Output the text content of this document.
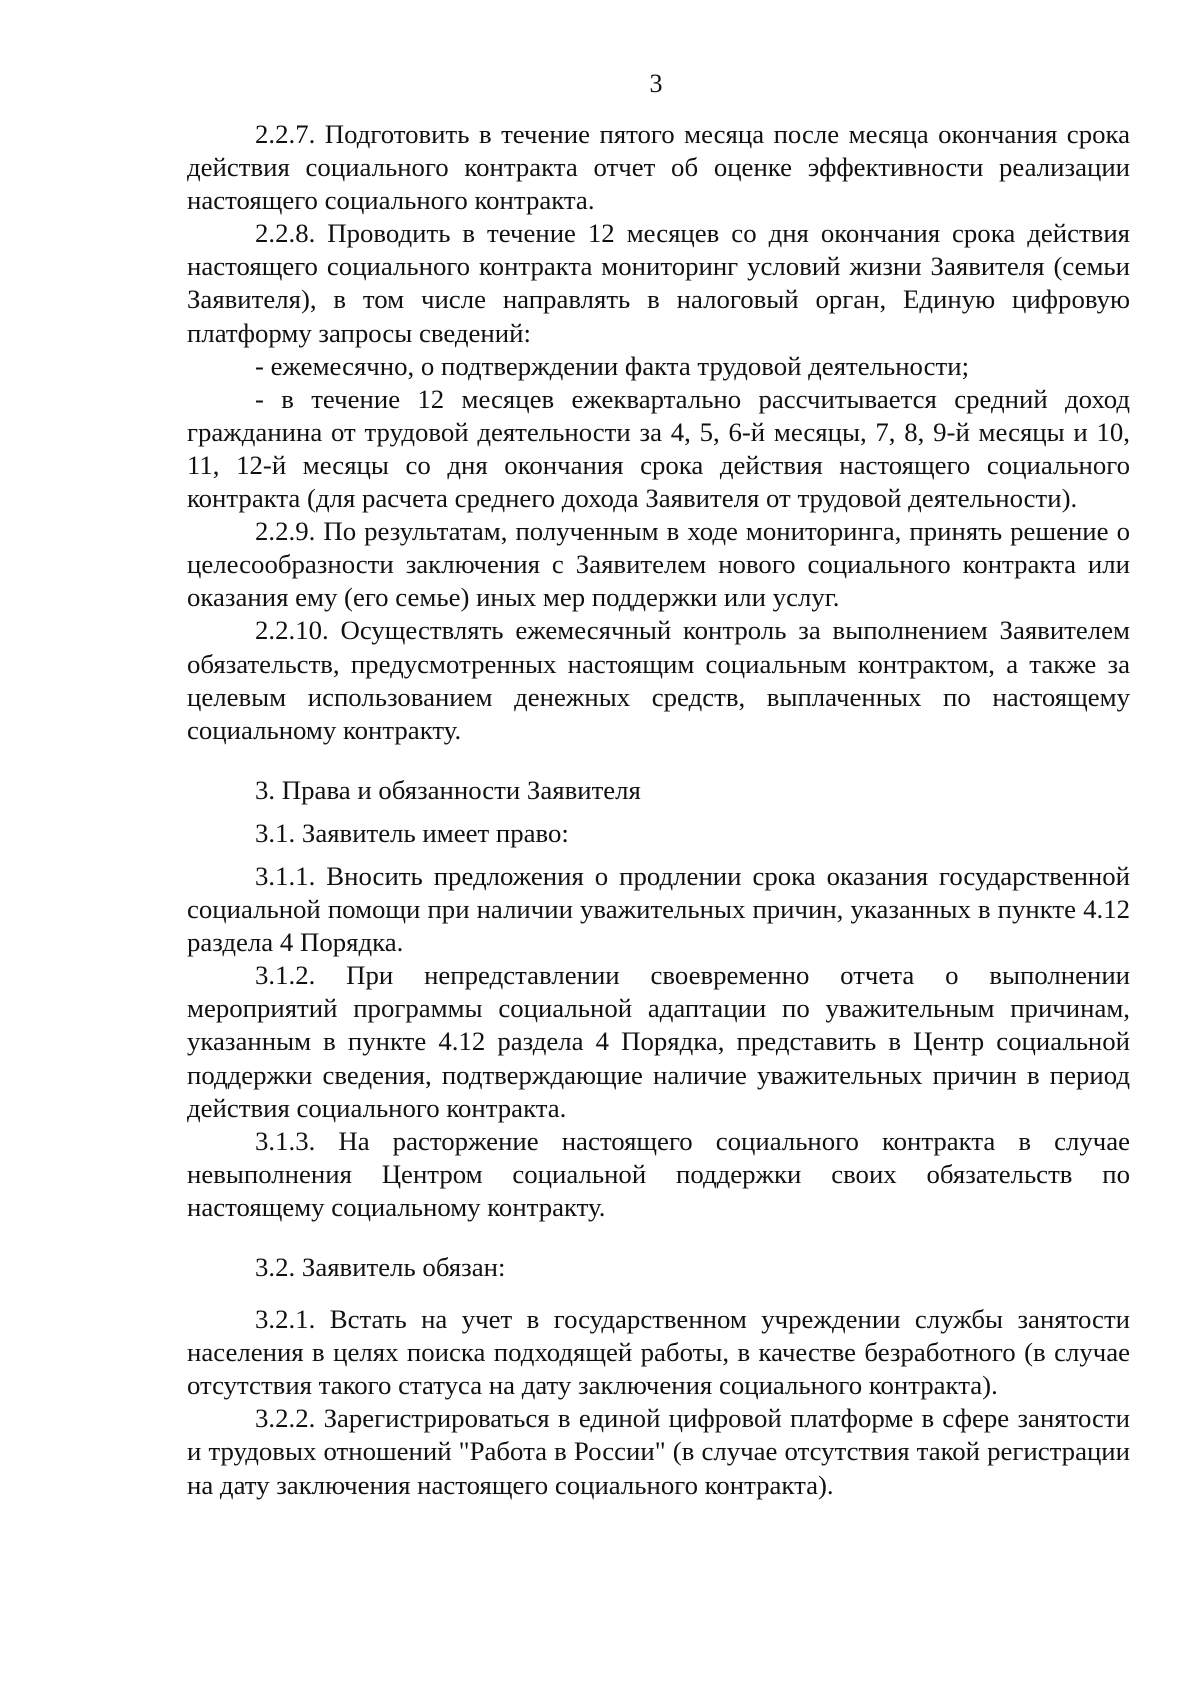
3

2.2.7. Подготовить в течение пятого месяца после месяца окончания срока действия социального контракта отчет об оценке эффективности реализации настоящего социального контракта.

2.2.8. Проводить в течение 12 месяцев со дня окончания срока действия настоящего социального контракта мониторинг условий жизни Заявителя (семьи Заявителя), в том числе направлять в налоговый орган, Единую цифровую платформу запросы сведений:

- ежемесячно, о подтверждении факта трудовой деятельности;

- в течение 12 месяцев ежеквартально рассчитывается средний доход гражданина от трудовой деятельности за 4, 5, 6-й месяцы, 7, 8, 9-й месяцы и 10, 11, 12-й месяцы со дня окончания срока действия настоящего социального контракта (для расчета среднего дохода Заявителя от трудовой деятельности).

2.2.9. По результатам, полученным в ходе мониторинга, принять решение о целесообразности заключения с Заявителем нового социального контракта или оказания ему (его семье) иных мер поддержки или услуг.

2.2.10. Осуществлять ежемесячный контроль за выполнением Заявителем обязательств, предусмотренных настоящим социальным контрактом, а также за целевым использованием денежных средств, выплаченных по настоящему социальному контракту.

3. Права и обязанности Заявителя

3.1. Заявитель имеет право:

3.1.1. Вносить предложения о продлении срока оказания государственной социальной помощи при наличии уважительных причин, указанных в пункте 4.12 раздела 4 Порядка.

3.1.2. При непредставлении своевременно отчета о выполнении мероприятий программы социальной адаптации по уважительным причинам, указанным в пункте 4.12 раздела 4 Порядка, представить в Центр социальной поддержки сведения, подтверждающие наличие уважительных причин в период действия социального контракта.

3.1.3. На расторжение настоящего социального контракта в случае невыполнения Центром социальной поддержки своих обязательств по настоящему социальному контракту.

3.2. Заявитель обязан:

3.2.1. Встать на учет в государственном учреждении службы занятости населения в целях поиска подходящей работы, в качестве безработного (в случае отсутствия такого статуса на дату заключения социального контракта).

3.2.2. Зарегистрироваться в единой цифровой платформе в сфере занятости и трудовых отношений "Работа в России" (в случае отсутствия такой регистрации на дату заключения настоящего социального контракта).
